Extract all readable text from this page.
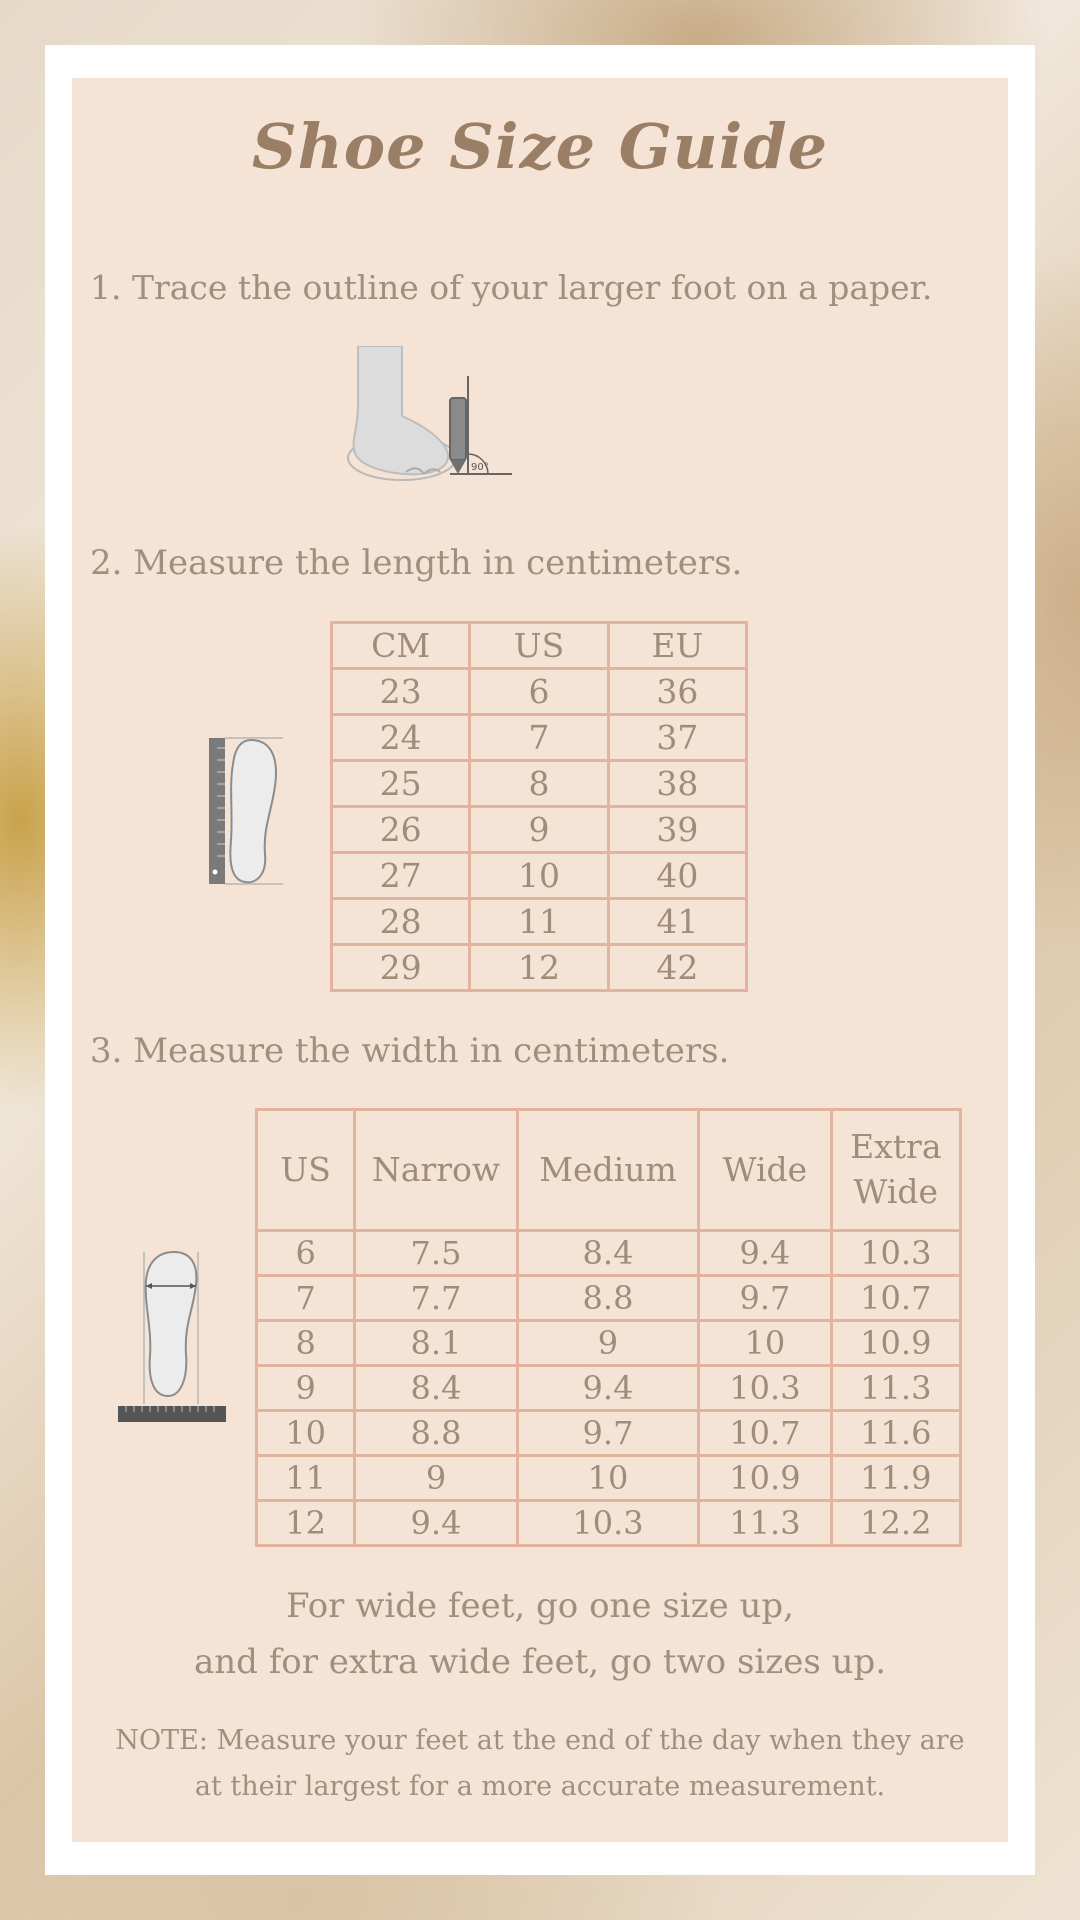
Shoe Size Guide
1. Trace the outline of your larger foot on a paper.
90°
2. Measure the length in centimeters.
CM	US	EU
23	6	36
24	7	37
25	8	38
26	9	39
27	10	40
28	11	41
29	12	42
3. Measure the width in centimeters.
US	Narrow	Medium	Wide	Extra Wide
6	7.5	8.4	9.4	10.3
7	7.7	8.8	9.7	10.7
8	8.1	9	10	10.9
9	8.4	9.4	10.3	11.3
10	8.8	9.7	10.7	11.6
11	9	10	10.9	11.9
12	9.4	10.3	11.3	12.2
For wide feet, go one size up,
and for extra wide feet, go two sizes up.
NOTE: Measure your feet at the end of the day when they are
at their largest for a more accurate measurement.
